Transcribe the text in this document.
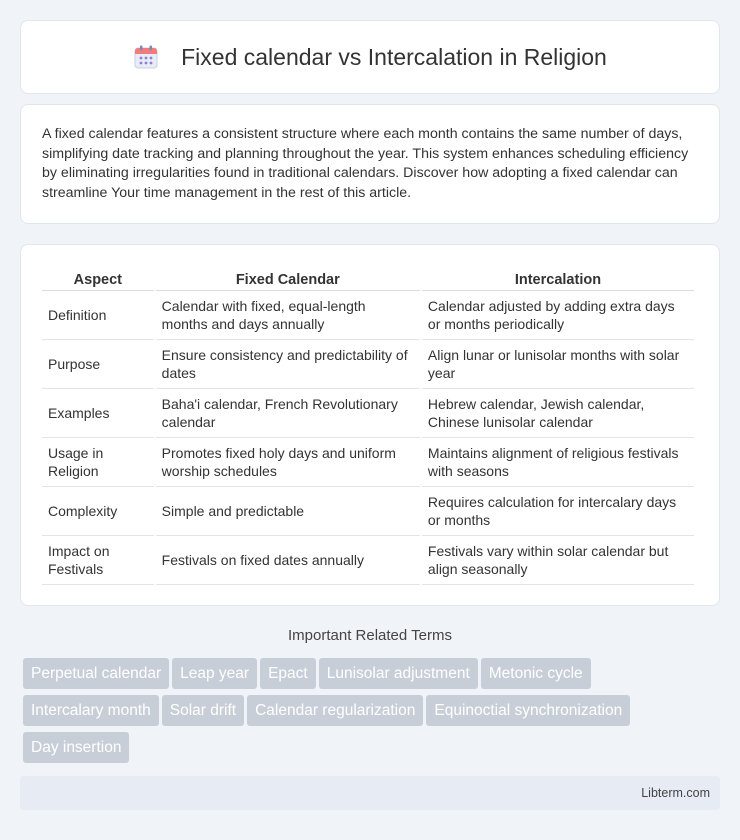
Fixed calendar vs Intercalation in Religion

A fixed calendar features a consistent structure where each month contains the same number of days, simplifying date tracking and planning throughout the year. This system enhances scheduling efficiency by eliminating irregularities found in traditional calendars. Discover how adopting a fixed calendar can streamline Your time management in the rest of this article.

Aspect	Fixed Calendar	Intercalation
Definition	Calendar with fixed, equal-length months and days annually	Calendar adjusted by adding extra days or months periodically
Purpose	Ensure consistency and predictability of dates	Align lunar or lunisolar months with solar year
Examples	Baha'i calendar, French Revolutionary calendar	Hebrew calendar, Jewish calendar, Chinese lunisolar calendar
Usage in Religion	Promotes fixed holy days and uniform worship schedules	Maintains alignment of religious festivals with seasons
Complexity	Simple and predictable	Requires calculation for intercalary days or months
Impact on Festivals	Festivals on fixed dates annually	Festivals vary within solar calendar but align seasonally
Important Related Terms
Perpetual calendar	Leap year	Epact	Lunisolar adjustment	Metonic cycle
Intercalary month	Solar drift	Calendar regularization	Equinoctial synchronization
Day insertion
Libterm.com
